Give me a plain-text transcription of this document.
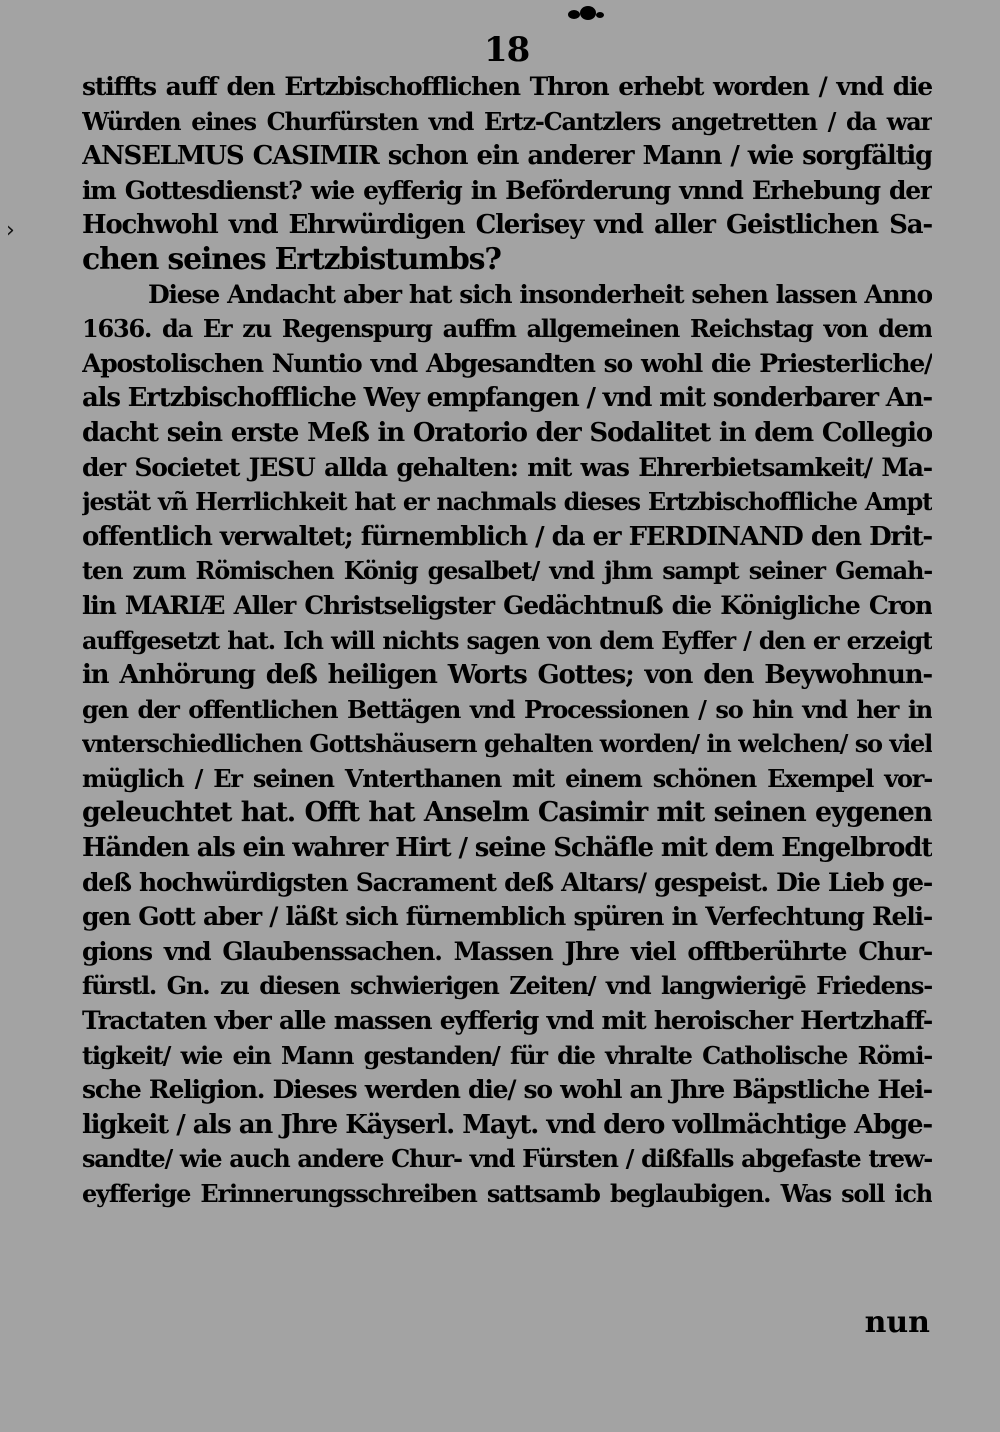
›
18
stiffts auff den Ertzbischofflichen Thron erhebt worden / vnd die
Würden eines Churfürsten vnd Ertz-Cantzlers angetretten / da war
ANSELMUS CASIMIR schon ein anderer Mann / wie sorgfältig
im Gottesdienst? wie eyfferig in Beförderung vnnd Erhebung der
Hochwohl vnd Ehrwürdigen Clerisey vnd aller Geistlichen Sa-
chen seines Ertzbistumbs?
Diese Andacht aber hat sich insonderheit sehen lassen Anno
1636. da Er zu Regenspurg auffm allgemeinen Reichstag von dem
Apostolischen Nuntio vnd Abgesandten so wohl die Priesterliche/
als Ertzbischoffliche Wey empfangen / vnd mit sonderbarer An-
dacht sein erste Meß in Oratorio der Sodalitet in dem Collegio
der Societet JESU allda gehalten: mit was Ehrerbietsamkeit/ Ma-
jestät vñ Herrlichkeit hat er nachmals dieses Ertzbischoffliche Ampt
offentlich verwaltet; fürnemblich / da er FERDINAND den Drit-
ten zum Römischen König gesalbet/ vnd jhm sampt seiner Gemah-
lin MARIÆ Aller Christseligster Gedächtnuß die Königliche Cron
auffgesetzt hat. Ich will nichts sagen von dem Eyffer / den er erzeigt
in Anhörung deß heiligen Worts Gottes; von den Beywohnun-
gen der offentlichen Bettägen vnd Processionen / so hin vnd her in
vnterschiedlichen Gottshäusern gehalten worden/ in welchen/ so viel
müglich / Er seinen Vnterthanen mit einem schönen Exempel vor-
geleuchtet hat. Offt hat Anselm Casimir mit seinen eygenen
Händen als ein wahrer Hirt / seine Schäfle mit dem Engelbrodt
deß hochwürdigsten Sacrament deß Altars/ gespeist. Die Lieb ge-
gen Gott aber / läßt sich fürnemblich spüren in Verfechtung Reli-
gions vnd Glaubenssachen. Massen Jhre viel offtberührte Chur-
fürstl. Gn. zu diesen schwierigen Zeiten/ vnd langwierigē Friedens-
Tractaten vber alle massen eyfferig vnd mit heroischer Hertzhaff-
tigkeit/ wie ein Mann gestanden/ für die vhralte Catholische Römi-
sche Religion. Dieses werden die/ so wohl an Jhre Bäpstliche Hei-
ligkeit / als an Jhre Käyserl. Mayt. vnd dero vollmächtige Abge-
sandte/ wie auch andere Chur- vnd Fürsten / dißfalls abgefaste trew-
eyfferige Erinnerungsschreiben sattsamb beglaubigen. Was soll ich
nun
